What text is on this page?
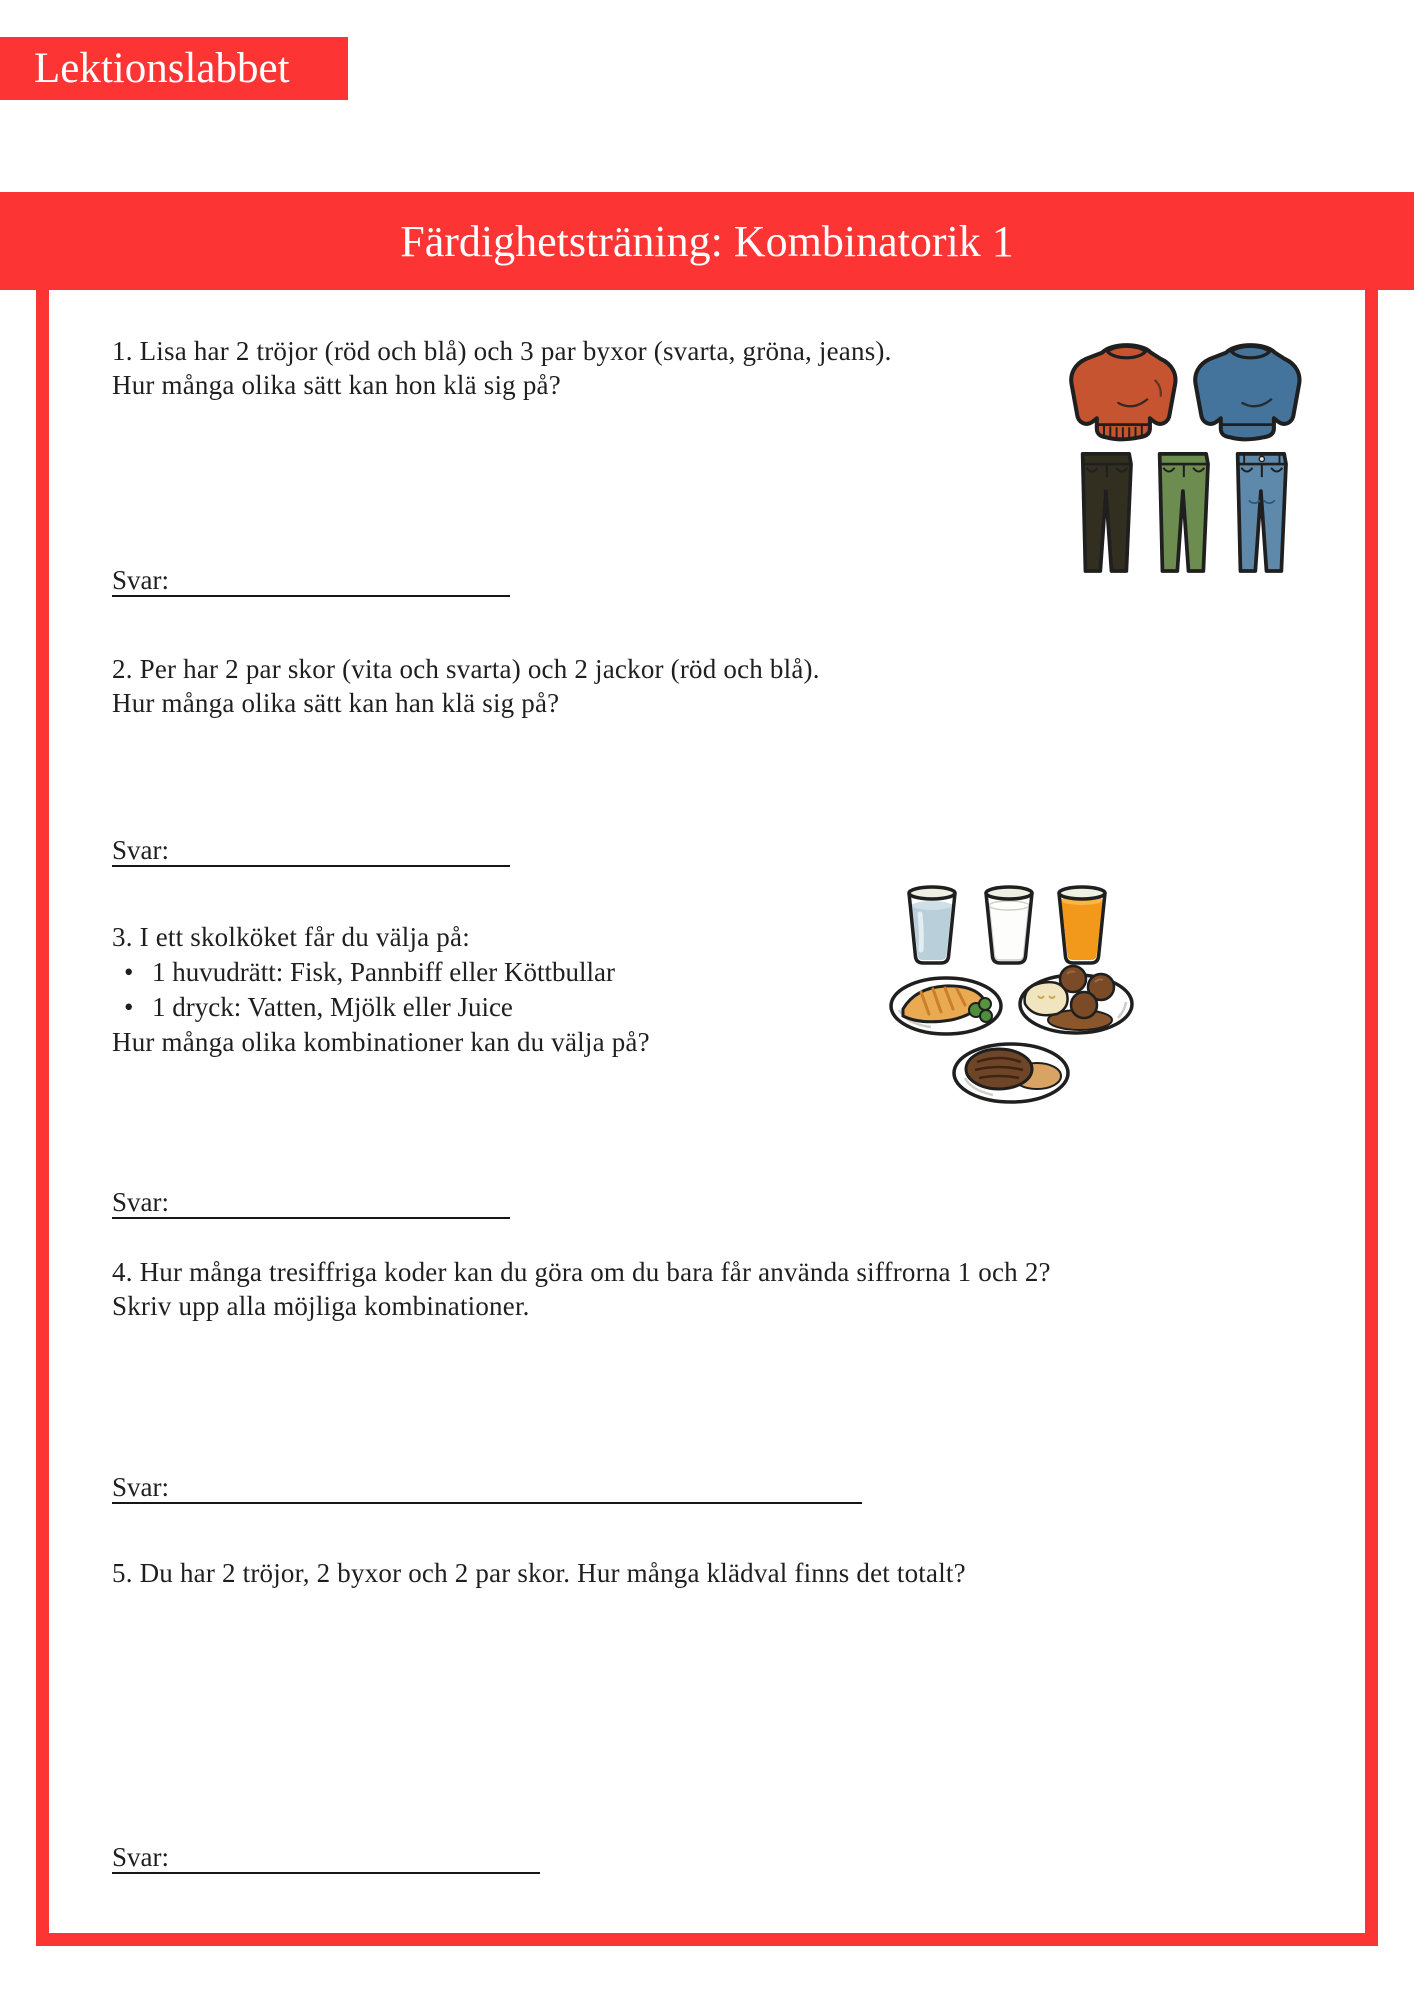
Lektionslabbet
Färdighetsträning: Kombinatorik 1
1. Lisa har 2 tröjor (röd och blå) och 3 par byxor (svarta, gröna, jeans).
Hur många olika sätt kan hon klä sig på?
Svar:
2. Per har 2 par skor (vita och svarta) och 2 jackor (röd och blå).
Hur många olika sätt kan han klä sig på?
Svar:
3. I ett skolköket får du välja på:
• 1 huvudrätt: Fisk, Pannbiff eller Köttbullar
• 1 dryck: Vatten, Mjölk eller Juice
Hur många olika kombinationer kan du välja på?
Svar:
4. Hur många tresiffriga koder kan du göra om du bara får använda siffrorna 1 och 2?
Skriv upp alla möjliga kombinationer.
Svar:
5. Du har 2 tröjor, 2 byxor och 2 par skor. Hur många klädval finns det totalt?
Svar:
